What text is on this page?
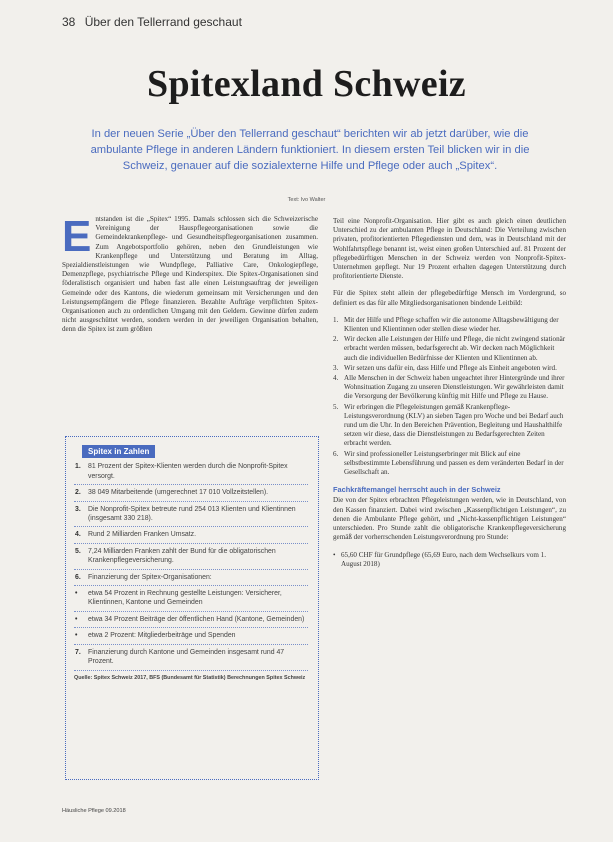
38 Über den Tellerrand geschaut
Spitexland Schweiz

In der neuen Serie „Über den Tellerrand geschaut“ berichten wir ab jetzt darüber, wie die ambulante Pflege in anderen Ländern funktioniert. In diesem ersten Teil blicken wir in die Schweiz, genauer auf die sozialexterne Hilfe und Pflege oder auch „Spitex“.

Text: Ivo Walter
E ntstanden ist die „Spitex“ 1995. Damals schlossen sich die Schweizerische Vereinigung der Hauspflegeorganisationen sowie die Gemeindekrankenpflege- und Gesundheitspflegeorganisationen zusammen. Zum Angebotsportfolio gehören, neben den Grundleistungen wie Krankenpflege und Unterstützung und Beratung im Alltag, Spezialdienstleistungen wie Wundpflege, Palliative Care, Onkologiepflege, Demenzpflege, psychiatrische Pflege und Kinderspitex. Die Spitex-Organisationen sind föderalistisch organisiert und haben fast alle einen Leistungsauftrag der jeweiligen Gemeinde oder des Kantons, die wiederum gemeinsam mit Versicherungen und den Leistungsempfängern die Pflege finanzieren. Bezahlte Aufträge verpflichten Spitex-Organisationen auch zu ordentlichen Umgang mit den Geldern. Gewinne dürfen zudem nicht ausgeschüttet werden, sondern werden in der jeweiligen Organisation behalten, denn die Spitex ist zum größten

Teil eine Nonprofit-Organisation. Hier gibt es auch gleich einen deutlichen Unterschied zu der ambulanten Pflege in Deutschland: Die Verteilung zwischen privaten, profitorientierten Pflegediensten und dem, was in Deutschland mit der Wohlfahrtspflege benannt ist, weist einen großen Unterschied auf. 81 Prozent der pflegebedürftigen Menschen in der Schweiz werden von Nonprofit-Spitex-Unternehmen gepflegt. Nur 19 Prozent erhalten dagegen Unterstützung durch profitorientierte Dienste.

Für die Spitex steht allein der pflegebedürftige Mensch im Vordergrund, so definiert es das für alle Mitgliedsorganisationen bindende Leitbild:

1. Mit der Hilfe und Pflege schaffen wir die autonome Alltagsbewältigung der Klienten und Klientinnen oder stellen diese wieder her.
2. Wir decken alle Leistungen der Hilfe und Pflege, die nicht zwingend stationär erbracht werden müssen, bedarfsgerecht ab. Wir decken nach Möglichkeit auch die individuellen Bedürfnisse der Klienten und Klientinnen ab.
3. Wir setzen uns dafür ein, dass Hilfe und Pflege als Einheit angeboten wird.
4. Alle Menschen in der Schweiz haben ungeachtet ihrer Hintergründe und ihrer Wohnsituation Zugang zu unseren Dienstleistungen. Wir gewährleisten damit die Versorgung der Bevölkerung künftig mit Hilfe und Pflege zu Hause.
5. Wir erbringen die Pflegeleistungen gemäß Krankenpflege-Leistungsverordnung (KLV) an sieben Tagen pro Woche und bei Bedarf auch rund um die Uhr. In den Bereichen Prävention, Begleitung und Haushalthilfe setzen wir diese, dass die Dienstleistungen zu Bedarfsgerechten Zeiten erbracht werden.
6. Wir sind professioneller Leistungserbringer mit Blick auf eine selbstbestimmte Lebensführung und passen es dem veränderten Bedarf in der Gesellschaft an.
Fachkräftemangel herrscht auch in der Schweiz

Die von der Spitex erbrachten Pflegeleistungen werden, wie in Deutschland, von den Kassen finanziert. Dabei wird zwischen „Kassenpflichtigen Leistungen“, zu denen die Ambulante Pflege gehört, und „Nicht-kassenpflichtigen Leistungen“ unterschieden. Pro Stunde zahlt die obligatorische Krankenpflegeversicherung gemäß der vorherrschenden Leistungsverordnung pro Stunde:

• 65,60 CHF für Grundpflege (65,69 Euro, nach dem Wechselkurs vom 1. August 2018)
Spitex in Zahlen
1. 81 Prozent der Spitex-Klienten werden durch die Nonprofit-Spitex versorgt.
2. 38 049 Mitarbeitende (umgerechnet 17 010 Vollzeitstellen).
3. Die Nonprofit-Spitex betreute rund 254 013 Klienten und Klientinnen (insgesamt 330 218).
4. Rund 2 Milliarden Franken Umsatz.
5. 7,24 Milliarden Franken zahlt der Bund für die obligatorischen Krankenpflegeversicherung.
6. Finanzierung der Spitex-Organisationen:
• etwa 54 Prozent in Rechnung gestellte Leistungen: Versicherer, Klientinnen, Kantone und Gemeinden
• etwa 34 Prozent Beiträge der öffentlichen Hand (Kantone, Gemeinden)
• etwa 2 Prozent: Mitgliederbeiträge und Spenden
7. Finanzierung durch Kantone und Gemeinden insgesamt rund 47 Prozent.
Quelle: Spitex Schweiz 2017, BFS (Bundesamt für Statistik) Berechnungen Spitex Schweiz
Häusliche Pflege 09.2018
